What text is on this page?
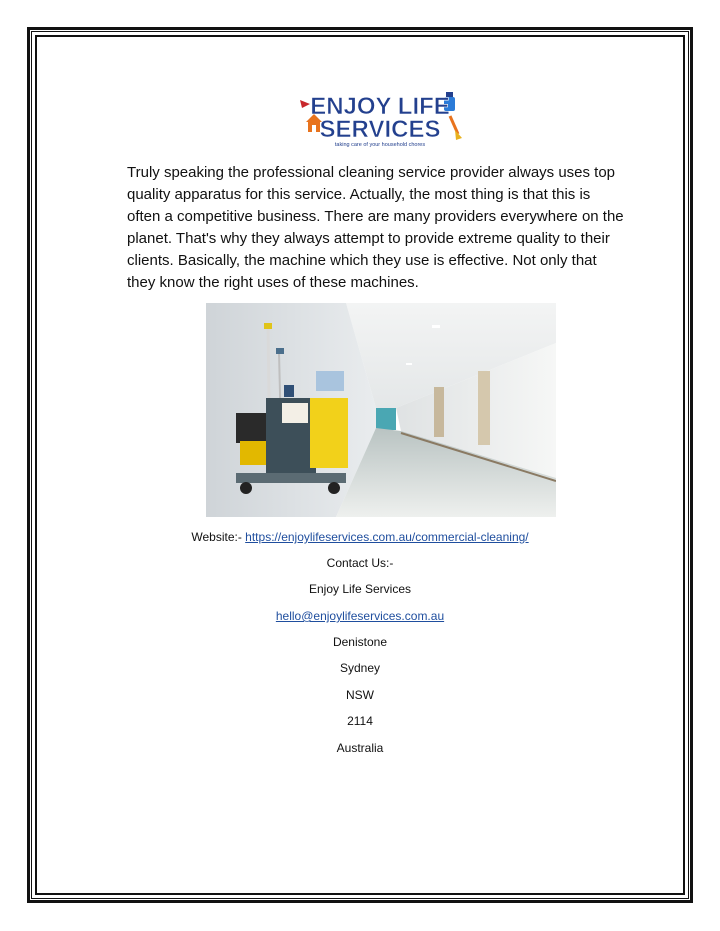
ENJOY LIFE
SERVICES
taking care of your household chores

Truly speaking the professional cleaning service provider always uses top
quality apparatus for this service. Actually, the most thing is that this is
often a competitive business. There are many providers everywhere on the
planet. That's why they always attempt to provide extreme quality to their
clients. Basically, the machine which they use is effective. Not only that
they know the right uses of these machines.

Website:- https://enjoylifeservices.com.au/commercial-cleaning/
Contact Us:-
Enjoy Life Services
hello@enjoylifeservices.com.au
Denistone
Sydney
NSW
2114
Australia
